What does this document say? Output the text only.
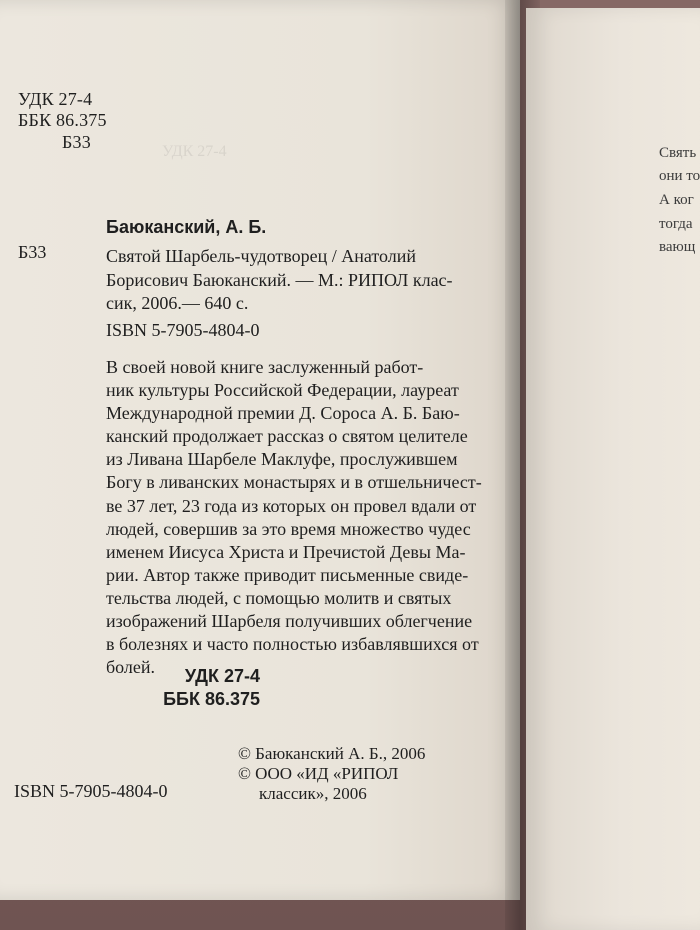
УДК 27-4
УДК 27-4
ББК 86.375
Б33
Баюканский, А. Б.
Б33	Святой Шарбель-чудотворец / Анатолий
Борисович Баюканский. — М.: РИПОЛ клас-
сик, 2006.— 640 с.
ISBN 5-7905-4804-0
В своей новой книге заслуженный работ-
ник культуры Российской Федерации, лауреат
Международной премии Д. Сороса А. Б. Баю-
канский продолжает рассказ о святом целителе
из Ливана Шарбеле Маклуфе, прослужившем
Богу в ливанских монастырях и в отшельничест-
ве 37 лет, 23 года из которых он провел вдали от
людей, совершив за это время множество чудес
именем Иисуса Христа и Пречистой Девы Ма-
рии. Автор также приводит письменные свиде-
тельства людей, с помощью молитв и святых
изображений Шарбеля получивших облегчение
в болезнях и часто полностью избавлявшихся от
болей.	УДК 27-4
ББК 86.375
© Баюканский А. Б., 2006
© ООО «ИД «РИПОЛ
классик», 2006
ISBN 5-7905-4804-0
Свять
они то
А ког
тогда
вающ
